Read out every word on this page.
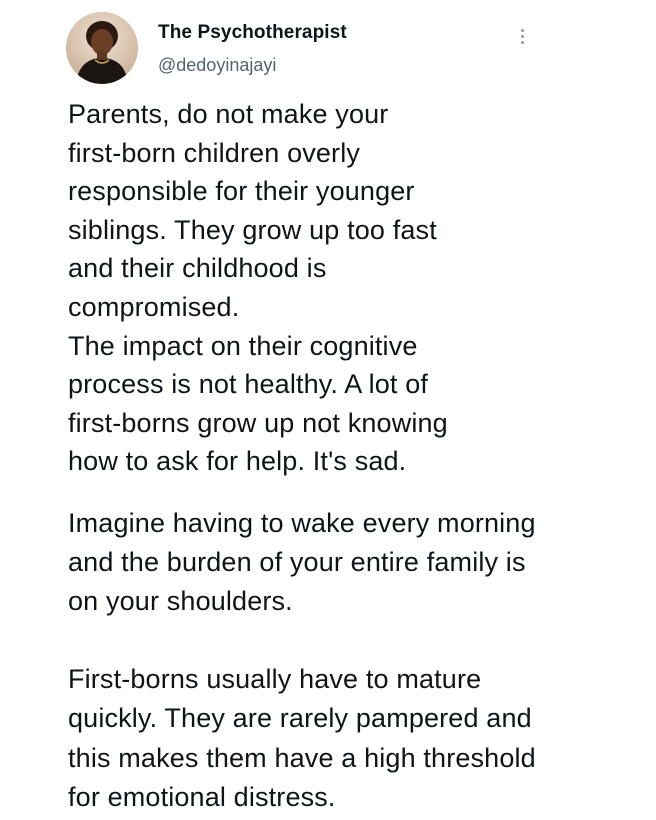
The Psychotherapist
@dedoyinajayi
Parents, do not make your
first-born children overly
responsible for their younger
siblings. They grow up too fast
and their childhood is
compromised.
The impact on their cognitive
process is not healthy. A lot of
first-borns grow up not knowing
how to ask for help. It's sad.
Imagine having to wake every morning
and the burden of your entire family is
on your shoulders.
First-borns usually have to mature
quickly. They are rarely pampered and
this makes them have a high threshold
for emotional distress.
